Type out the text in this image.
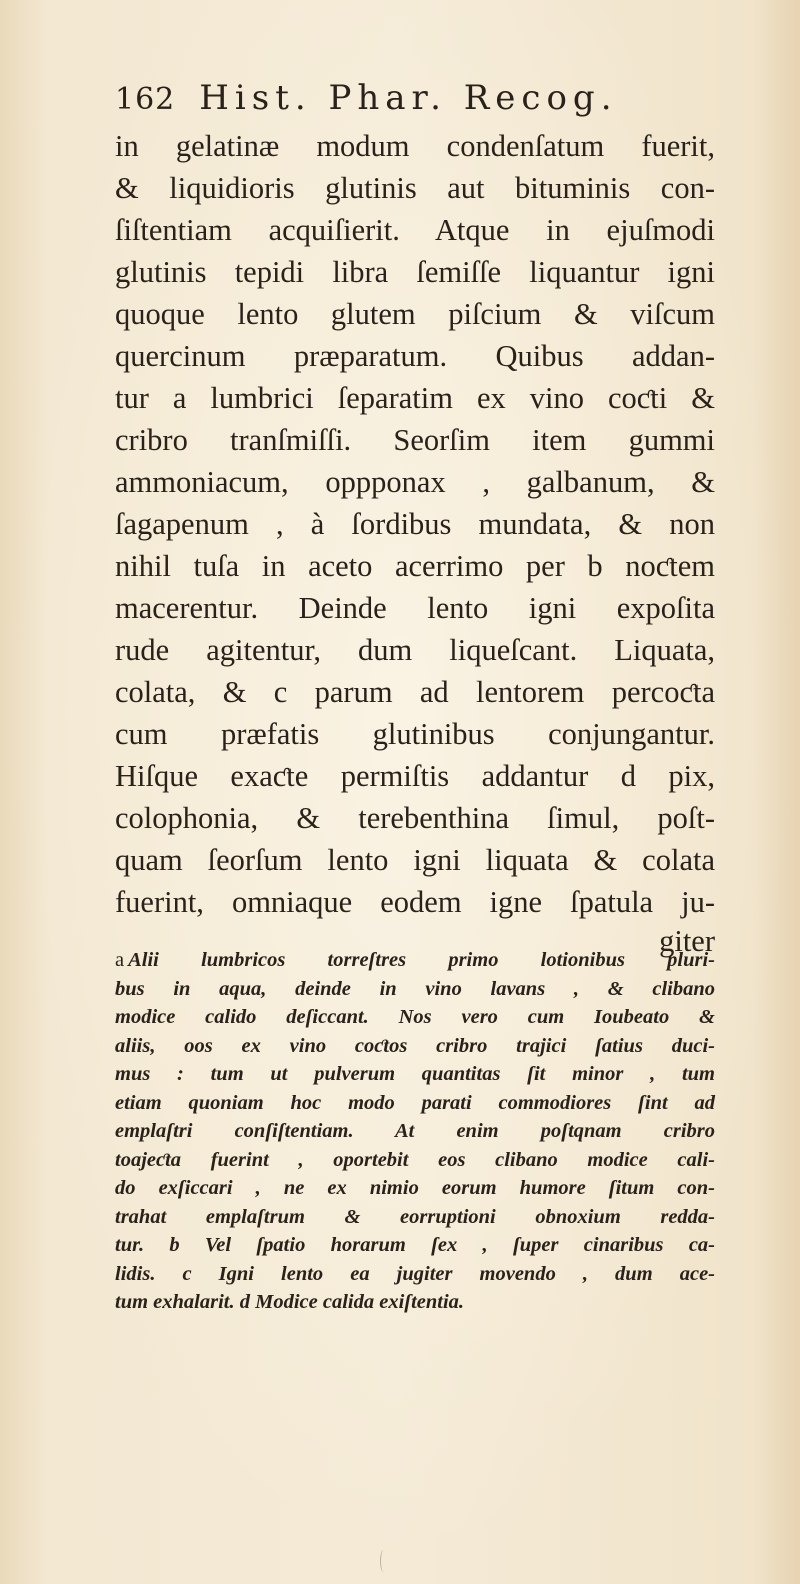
162 Hist. Phar. Recog.
in gelatinæ modum condenſatum fuerit,
& liquidioris glutinis aut bituminis con-
ſiſtentiam acquiſierit. Atque in ejuſmodi
glutinis tepidi libra ſemiſſe liquantur igni
quoque lento glutem piſcium & viſcum
quercinum præparatum. Quibus addan-
tur a lumbrici ſeparatim ex vino coƈti &
cribro tranſmiſſi. Seorſim item gummi
ammoniacum, oppponax , galbanum, &
ſagapenum , à ſordibus mundata, & non
nihil tuſa in aceto acerrimo per b noƈtem
macerentur. Deinde lento igni expoſita
rude agitentur, dum liqueſcant. Liquata,
colata, & c parum ad lentorem percoƈta
cum præfatis glutinibus conjungantur.
Hiſque exaƈte permiſtis addantur d pix,
colophonia, & terebenthina ſimul, poſt-
quam ſeorſum lento igni liquata & colata
fuerint, omniaque eodem igne ſpatula ju-
giter
a Alii lumbricos torreſtres primo lotionibus pluri-
bus in aqua, deinde in vino lavans , & clibano
modice calido deſiccant. Nos vero cum Ioubeato &
aliis, oos ex vino coƈtos cribro trajici ſatius duci-
mus : tum ut pulverum quantitas ſit minor , tum
etiam quoniam hoc modo parati commodiores ſint ad
emplaſtri conſiſtentiam. At enim poſtqnam cribro
toajeƈta fuerint , oportebit eos clibano modice cali-
do exſiccari , ne ex nimio eorum humore ſitum con-
trahat emplaſtrum & eorruptioni obnoxium redda-
tur. b Vel ſpatio horarum ſex , ſuper cinaribus ca-
lidis. c Igni lento ea jugiter movendo , dum ace-
tum exhalarit. d Modice calida exiſtentia.
